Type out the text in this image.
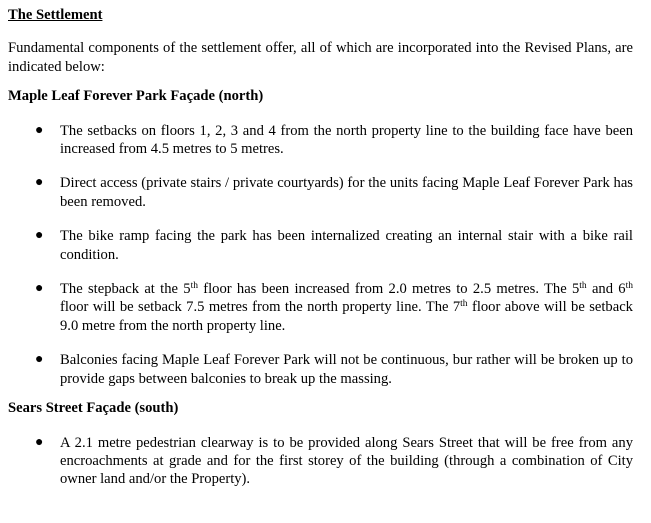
The Settlement
Fundamental components of the settlement offer, all of which are incorporated into the Revised Plans, are indicated below:
Maple Leaf Forever Park Façade (north)
● The setbacks on floors 1, 2, 3 and 4 from the north property line to the building face have been increased from 4.5 metres to 5 metres.
● Direct access (private stairs / private courtyards) for the units facing Maple Leaf Forever Park has been removed.
● The bike ramp facing the park has been internalized creating an internal stair with a bike rail condition.
● The stepback at the 5th floor has been increased from 2.0 metres to 2.5 metres. The 5th and 6th floor will be setback 7.5 metres from the north property line. The 7th floor above will be setback 9.0 metre from the north property line.
● Balconies facing Maple Leaf Forever Park will not be continuous, bur rather will be broken up to provide gaps between balconies to break up the massing.
Sears Street Façade (south)
● A 2.1 metre pedestrian clearway is to be provided along Sears Street that will be free from any encroachments at grade and for the first storey of the building (through a combination of City owner land and/or the Property).
